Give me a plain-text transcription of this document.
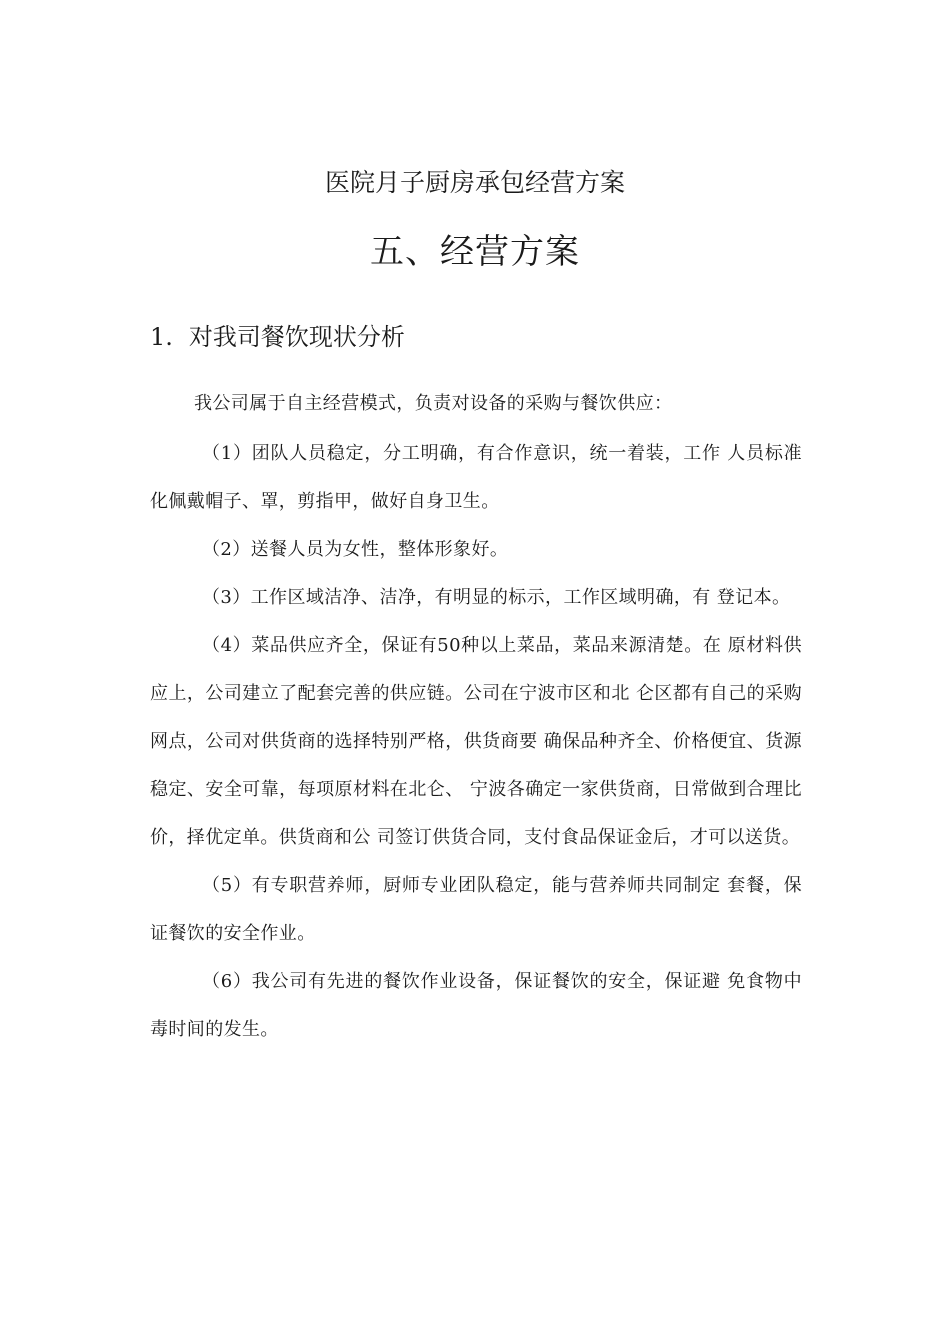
医院月子厨房承包经营方案
五、经营方案
1. 对我司餐饮现状分析

我公司属于自主经营模式，负责对设备的采购与餐饮供应：

（1）团队人员稳定，分工明确，有合作意识，统一着装，工作 人员标准化佩戴帽子、罩，剪指甲，做好自身卫生。

（2）送餐人员为女性，整体形象好。

（3）工作区域洁净、洁净，有明显的标示，工作区域明确，有 登记本。

（4）菜品供应齐全，保证有50种以上菜品，菜品来源清楚。在 原材料供应上，公司建立了配套完善的供应链。公司在宁波市区和北 仑区都有自己的采购网点，公司对供货商的选择特别严格，供货商要 确保品种齐全、价格便宜、货源稳定、安全可靠，每项原材料在北仑、 宁波各确定一家供货商，日常做到合理比价，择优定单。供货商和公 司签订供货合同，支付食品保证金后，才可以送货。

（5）有专职营养师，厨师专业团队稳定，能与营养师共同制定 套餐，保证餐饮的安全作业。

（6）我公司有先进的餐饮作业设备，保证餐饮的安全，保证避 免食物中毒时间的发生。
